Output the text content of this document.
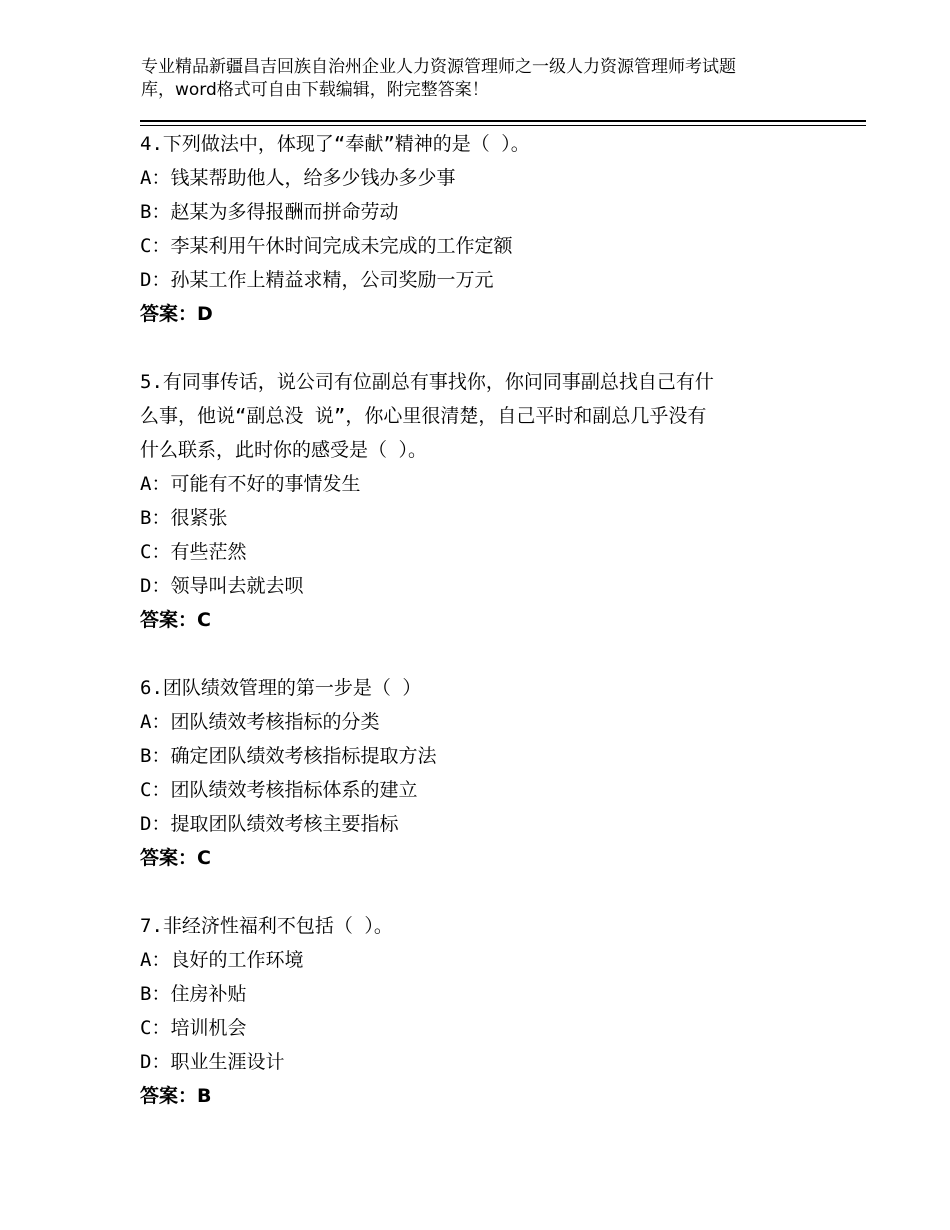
专业精品新疆昌吉回族自治州企业人力资源管理师之一级人力资源管理师考试题
库，word格式可自由下载编辑，附完整答案！
4.下列做法中，体现了“奉献”精神的是（ ）。
A：钱某帮助他人，给多少钱办多少事
B：赵某为多得报酬而拼命劳动
C：李某利用午休时间完成未完成的工作定额
D：孙某工作上精益求精，公司奖励一万元
答案：D
5.有同事传话，说公司有位副总有事找你，你问同事副总找自己有什
么事，他说“副总没 说”，你心里很清楚，自己平时和副总几乎没有
什么联系，此时你的感受是（ ）。
A：可能有不好的事情发生
B：很紧张
C：有些茫然
D：领导叫去就去呗
答案：C
6.团队绩效管理的第一步是（ ）
A：团队绩效考核指标的分类
B：确定团队绩效考核指标提取方法
C：团队绩效考核指标体系的建立
D：提取团队绩效考核主要指标
答案：C
7.非经济性福利不包括（ ）。
A：良好的工作环境
B：住房补贴
C：培训机会
D：职业生涯设计
答案：B
